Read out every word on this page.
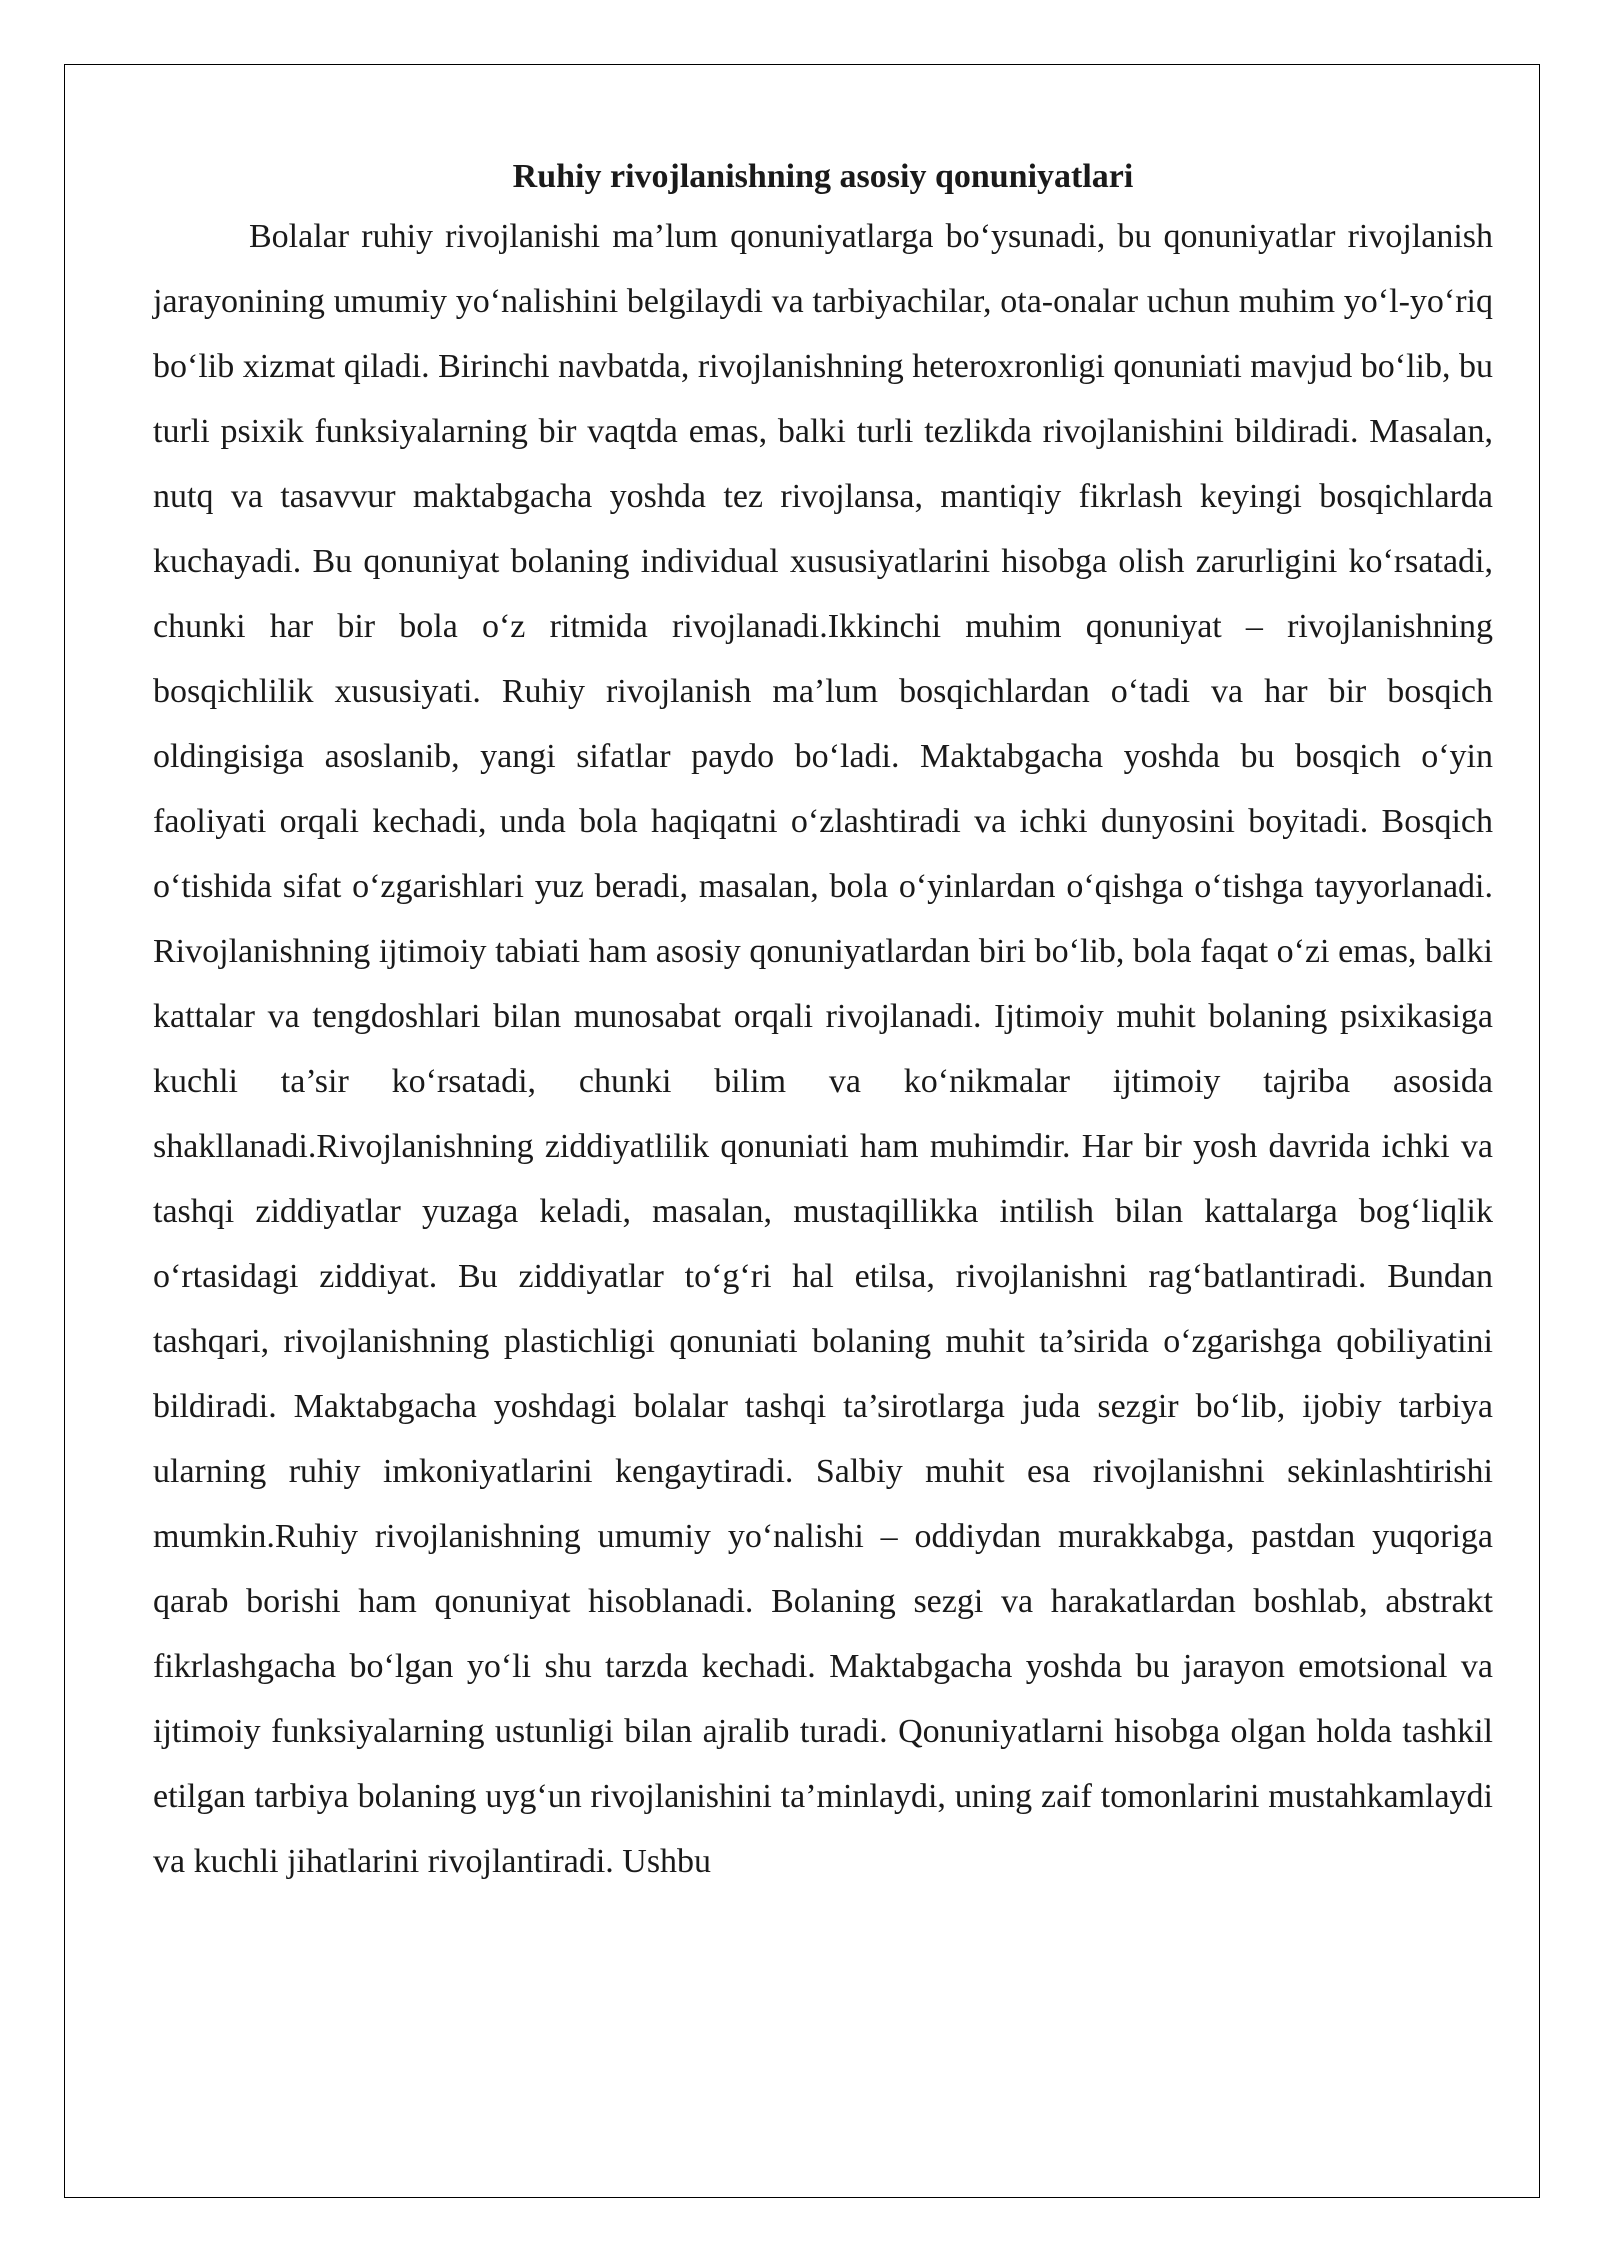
Ruhiy rivojlanishning asosiy qonuniyatlari

Bolalar ruhiy rivojlanishi ma’lum qonuniyatlarga bo‘ysunadi, bu qonuniyatlar rivojlanish jarayonining umumiy yo‘nalishini belgilaydi va tarbiyachilar, ota-onalar uchun muhim yo‘l-yo‘riq bo‘lib xizmat qiladi. Birinchi navbatda, rivojlanishning heteroxronligi qonuniati mavjud bo‘lib, bu turli psixik funksiyalarning bir vaqtda emas, balki turli tezlikda rivojlanishini bildiradi. Masalan, nutq va tasavvur maktabgacha yoshda tez rivojlansa, mantiqiy fikrlash keyingi bosqichlarda kuchayadi. Bu qonuniyat bolaning individual xususiyatlarini hisobga olish zarurligini ko‘rsatadi, chunki har bir bola o‘z ritmida rivojlanadi.Ikkinchi muhim qonuniyat – rivojlanishning bosqichlilik xususiyati. Ruhiy rivojlanish ma’lum bosqichlardan o‘tadi va har bir bosqich oldingisiga asoslanib, yangi sifatlar paydo bo‘ladi. Maktabgacha yoshda bu bosqich o‘yin faoliyati orqali kechadi, unda bola haqiqatni o‘zlashtiradi va ichki dunyosini boyitadi. Bosqich o‘tishida sifat o‘zgarishlari yuz beradi, masalan, bola o‘yinlardan o‘qishga o‘tishga tayyorlanadi. Rivojlanishning ijtimoiy tabiati ham asosiy qonuniyatlardan biri bo‘lib, bola faqat o‘zi emas, balki kattalar va tengdoshlari bilan munosabat orqali rivojlanadi. Ijtimoiy muhit bolaning psixikasiga kuchli ta’sir ko‘rsatadi, chunki bilim va ko‘nikmalar ijtimoiy tajriba asosida shakllanadi.Rivojlanishning ziddiyatlilik qonuniati ham muhimdir. Har bir yosh davrida ichki va tashqi ziddiyatlar yuzaga keladi, masalan, mustaqillikka intilish bilan kattalarga bog‘liqlik o‘rtasidagi ziddiyat. Bu ziddiyatlar to‘g‘ri hal etilsa, rivojlanishni rag‘batlantiradi. Bundan tashqari, rivojlanishning plastichligi qonuniati bolaning muhit ta’sirida o‘zgarishga qobiliyatini bildiradi. Maktabgacha yoshdagi bolalar tashqi ta’sirotlarga juda sezgir bo‘lib, ijobiy tarbiya ularning ruhiy imkoniyatlarini kengaytiradi. Salbiy muhit esa rivojlanishni sekinlashtirishi mumkin.Ruhiy rivojlanishning umumiy yo‘nalishi – oddiydan murakkabga, pastdan yuqoriga qarab borishi ham qonuniyat hisoblanadi. Bolaning sezgi va harakatlardan boshlab, abstrakt fikrlashgacha bo‘lgan yo‘li shu tarzda kechadi. Maktabgacha yoshda bu jarayon emotsional va ijtimoiy funksiyalarning ustunligi bilan ajralib turadi. Qonuniyatlarni hisobga olgan holda tashkil etilgan tarbiya bolaning uyg‘un rivojlanishini ta’minlaydi, uning zaif tomonlarini mustahkamlaydi va kuchli jihatlarini rivojlantiradi. Ushbu
